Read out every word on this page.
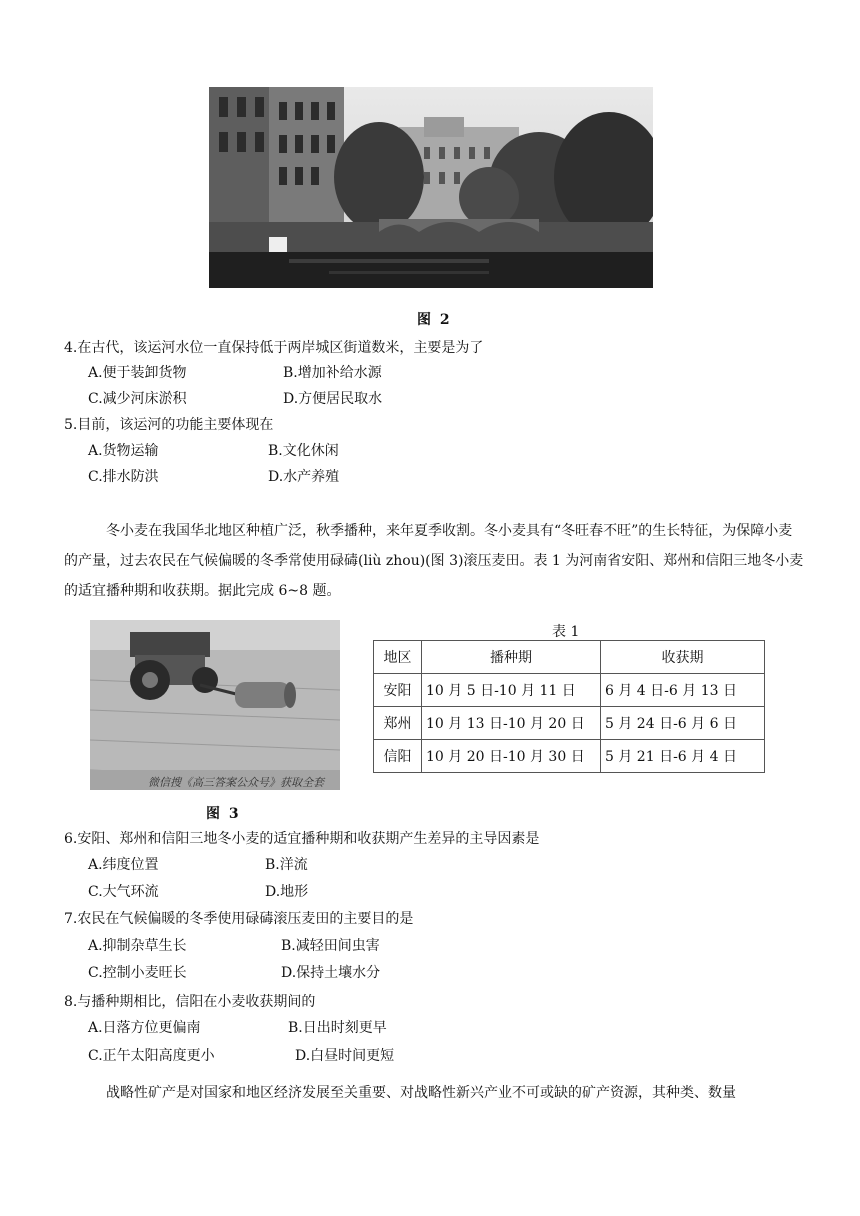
图 2
4.在古代，该运河水位一直保持低于两岸城区街道数米，主要是为了
A.便于装卸货物	B.增加补给水源
C.减少河床淤积	D.方便居民取水
5.目前，该运河的功能主要体现在
A.货物运输	B.文化休闲
C.排水防洪	D.水产养殖
冬小麦在我国华北地区种植广泛，秋季播种，来年夏季收割。冬小麦具有“冬旺春不旺”的生长特征，为保障小麦的产量，过去农民在气候偏暖的冬季常使用碌碡(liù zhou)(图 3)滚压麦田。表 1 为河南省安阳、郑州和信阳三地冬小麦的适宜播种期和收获期。据此完成 6~8 题。
微信搜《高三答案公众号》获取全套
图 3
表 1
地区	播种期	收获期
安阳	10 月 5 日-10 月 11 日	6 月 4 日-6 月 13 日
郑州	10 月 13 日-10 月 20 日	5 月 24 日-6 月 6 日
信阳	10 月 20 日-10 月 30 日	5 月 21 日-6 月 4 日
6.安阳、郑州和信阳三地冬小麦的适宜播种期和收获期产生差异的主导因素是
A.纬度位置	B.洋流
C.大气环流	D.地形
7.农民在气候偏暖的冬季使用碌碡滚压麦田的主要目的是
A.抑制杂草生长	B.减轻田间虫害
C.控制小麦旺长	D.保持土壤水分
8.与播种期相比，信阳在小麦收获期间的
A.日落方位更偏南	B.日出时刻更早
C.正午太阳高度更小	D.白昼时间更短
战略性矿产是对国家和地区经济发展至关重要、对战略性新兴产业不可或缺的矿产资源，其种类、数量
